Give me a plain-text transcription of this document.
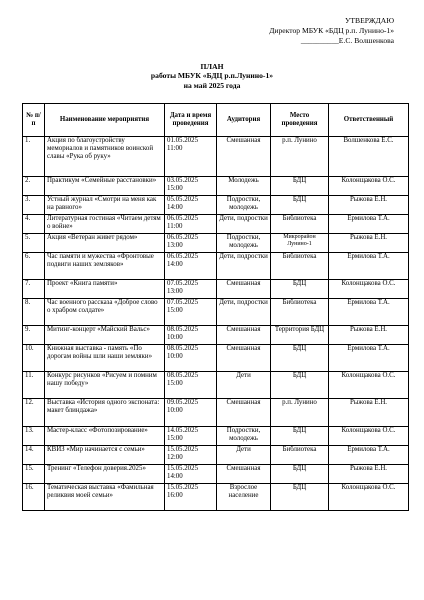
УТВЕРЖДАЮ
Директор МБУК «БДЦ р.п. Лунино-1»
__________Е.С. Волшенкова
ПЛАН
работы МБУК «БДЦ р.п.Лунино-1»
на май 2025 года
№ п/п	Наименование мероприятия	Дата и время проведения	Аудитория	Место проведения	Ответственный
1.	Акция по благоустройству мемориалов и памятников воинской славы «Рука об руку»	01.05.2025 11:00	Смешанная	р.п. Лунино	Волшенкова Е.С.
2.	Практикум «Семейные расстановки»	03.05.2025 15:00	Молодежь	БДЦ	Колонщакова О.С.
3.	Устный журнал «Смотри на меня как на равного»	05.05.2025 14:00	Подростки, молодежь	БДЦ	Рыжова Е.Н.
4.	Литературная гостиная «Читаем детям о войне»	06.05.2025 11:00	Дети, подростки	Библиотека	Ермилова Т.А.
5.	Акция «Ветеран живет рядом»	06.05.2025 13:00	Подростки, молодежь	Микрорайон Лунино-1	Рыжова Е.Н.
6.	Час памяти и мужества «Фронтовые подвиги наших земляков»	06.05.2025 14:00	Дети, подростки	Библиотека	Ермилова Т.А.
7.	Проект «Книга памяти»	07.05.2025 13:00	Смешанная	БДЦ	Колонщакова О.С.
8.	Час военного рассказа «Доброе слово о храбром солдате»	07.05.2025 15:00	Дети, подростки	Библиотека	Ермилова Т.А.
9.	Митинг-концерт «Майский Вальс»	08.05.2025 10:00	Смешанная	Территория БДЦ	Рыжова Е.Н.
10.	Книжная выставка - память «По дорогам войны шли наши земляки»	08.05.2025 10:00	Смешанная	БДЦ	Ермилова Т.А.
11.	Конкурс рисунков «Рисуем и помним нашу победу»	08.05.2025 15:00	Дети	БДЦ	Колонщакова О.С.
12.	Выставка «История одного экспоната: макет блиндажа»	09.05.2025 10:00	Смешанная	р.п. Лунино	Рыжова Е.Н.
13.	Мастер-класс «Фотопозирование»	14.05.2025 15:00	Подростки, молодежь	БДЦ	Колонщакова О.С.
14.	КВИЗ «Мир начинается с семьи»	15.05.2025 12:00	Дети	Библиотека	Ермилова Т.А.
15.	Тренинг «Телефон доверия.2025»	15.05.2025 14:00	Смешанная	БДЦ	Рыжова Е.Н.
16.	Тематическая выставка «Фамильная реликвия моей семьи»	15.05.2025 16:00	Взрослое население	БДЦ	Колонщакова О.С.
